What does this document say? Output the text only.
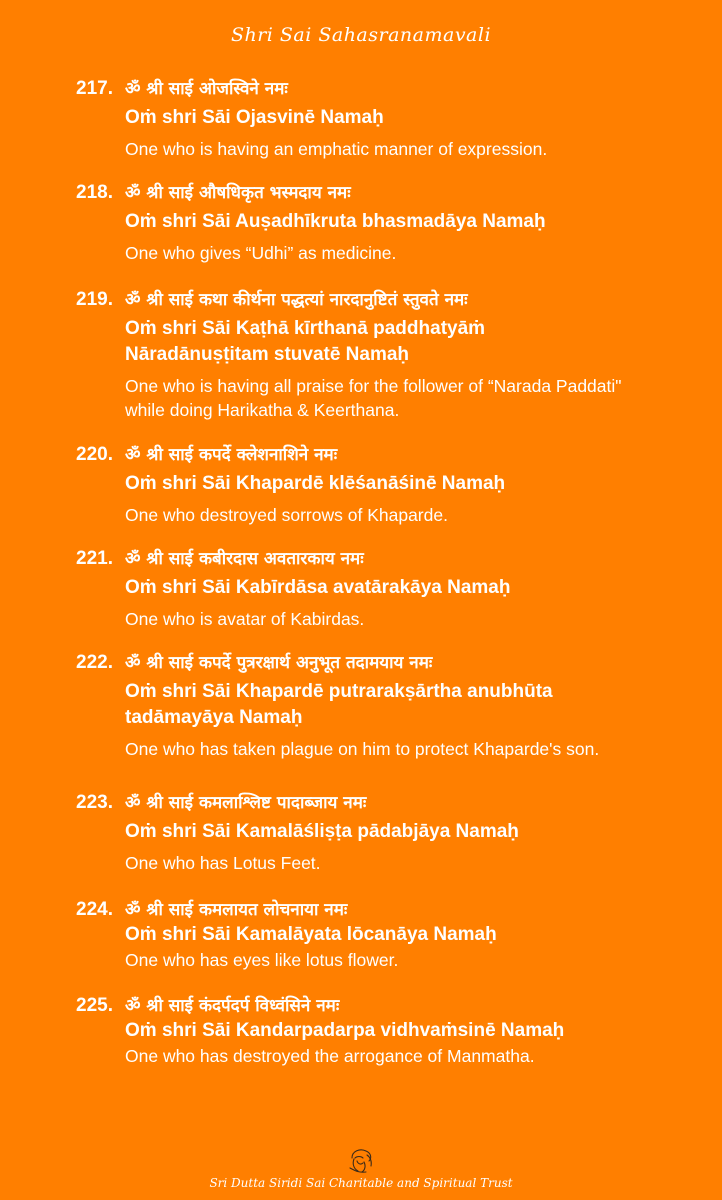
Shri Sai Sahasranamavali
217. ॐ श्री साई ओजस्विने नमः
Oṁ shri Sāi Ojasvinē Namaḥ
One who is having an emphatic manner of expression.
218. ॐ श्री साई औषधिकृत भस्मदाय नमः
Oṁ shri Sāi Auṣadhīkruta bhasmadāya Namaḥ
One who gives “Udhi” as medicine.
219. ॐ श्री साई कथा कीर्थना पद्धत्यां नारदानुष्टितं स्तुवते नमः
Oṁ shri Sāi Kaṭhā kīrthanā paddhatyāṁ
Nāradānuṣṭitam stuvatē Namaḥ
One who is having all praise for the follower of “Narada Paddati"
while doing Harikatha & Keerthana.
220. ॐ श्री साई कपर्दे क्लेशनाशिने नमः
Oṁ shri Sāi Khapardē klēśanāśinē Namaḥ
One who destroyed sorrows of Khaparde.
221. ॐ श्री साई कबीरदास अवतारकाय नमः
Oṁ shri Sāi Kabīrdāsa avatārakāya Namaḥ
One who is avatar of Kabirdas.
222. ॐ श्री साई कपर्दे पुत्ररक्षार्थ अनुभूत तदामयाय नमः
Oṁ shri Sāi Khapardē putrarakṣārtha anubhūta
tadāmayāya Namaḥ
One who has taken plague on him to protect Khaparde's son.
223. ॐ श्री साई कमलाश्लिष्ट पादाब्जाय नमः
Oṁ shri Sāi Kamalāśliṣṭa pādabjāya Namaḥ
One who has Lotus Feet.
224. ॐ श्री साई कमलायत लोचनाया नमः
Oṁ shri Sāi Kamalāyata lōcanāya Namaḥ
One who has eyes like lotus flower.
225. ॐ श्री साई कंदर्पदर्प विध्वंसिने नमः
Oṁ shri Sāi Kandarpadarpa vidhvaṁsinē Namaḥ
One who has destroyed the arrogance of Manmatha.
Sri Dutta Siridi Sai Charitable and Spiritual Trust
